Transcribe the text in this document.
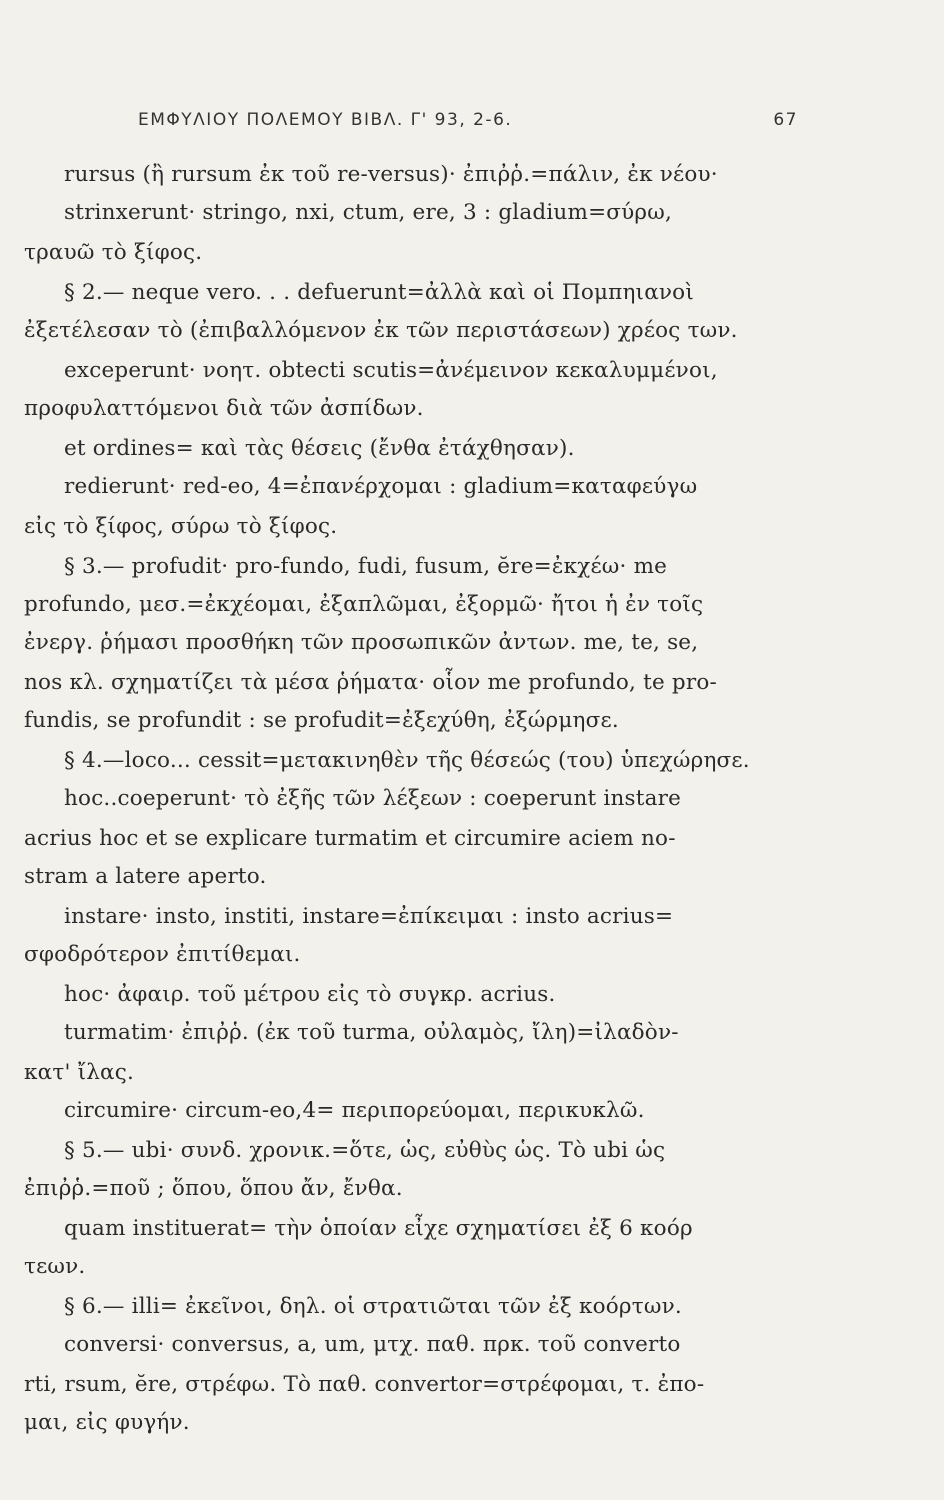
ΕΜΦΥΛΙΟΥ ΠΟΛΕΜΟΥ ΒΙΒΛ. Γ' 93, 2-6.	67
rursus (ἢ rursum ἐκ τοῦ re-versus)· ἐπιῤῥ.=πάλιν, ἐκ νέου·
strinxerunt· stringo, nxi, ctum, ere, 3 : gladium=σύρω,
τραυῶ τὸ ξίφος.
§ 2.— neque vero. . . defuerunt=ἀλλὰ καὶ οἱ Πομπηιανοὶ
ἐξετέλεσαν τὸ (ἐπιβαλλόμενον ἐκ τῶν περιστάσεων) χρέος των.
exceperunt· νοητ. obtecti scutis=ἀνέμεινον κεκαλυμμένοι,
προφυλαττόμενοι διὰ τῶν ἀσπίδων.
et ordines= καὶ τὰς θέσεις (ἔνθα ἐτάχθησαν).
redierunt· red-eo, 4=ἐπανέρχομαι : gladium=καταφεύγω
εἰς τὸ ξίφος, σύρω τὸ ξίφος.
§ 3.— profudit· pro-fundo, fudi, fusum, ĕre=ἐκχέω· me
profundo, μεσ.=ἐκχέομαι, ἐξαπλῶμαι, ἐξορμῶ· ἤτοι ἡ ἐν τοῖς
ἐνεργ. ῥήμασι προσθήκη τῶν προσωπικῶν ἀντων. me, te, se,
nos κλ. σχηματίζει τὰ μέσα ῥήματα· οἷον me profundo, te pro-
fundis, se profundit : se profudit=ἐξεχύθη, ἐξώρμησε.
§ 4.—loco... cessit=μετακινηθὲν τῆς θέσεώς (του) ὑπεχώρησε.
hoc..coeperunt· τὸ ἐξῆς τῶν λέξεων : coeperunt instare
acrius hoc et se explicare turmatim et circumire aciem no-
stram a latere aperto.
instare· insto, institi, instare=ἐπίκειμαι : insto acrius=
σφοδρότερον ἐπιτίθεμαι.
hoc· ἀφαιρ. τοῦ μέτρου εἰς τὸ συγκρ. acrius.
turmatim· ἐπιῤῥ. (ἐκ τοῦ turma, οὐλαμὸς, ἴλη)=ἰλαδὸν-
κατ' ἴλας.
circumire· circum-eo,4= περιπορεύομαι, περικυκλῶ.
§ 5.— ubi· συνδ. χρονικ.=ὅτε, ὡς, εὐθὺς ὡς. Τὸ ubi ὡς
ἐπιῤῥ.=ποῦ ; ὅπου, ὅπου ἄν, ἔνθα.
quam instituerat= τὴν ὁποίαν εἶχε σχηματίσει ἐξ 6 κοόρ
τεων.
§ 6.— illi= ἐκεῖνοι, δηλ. οἱ στρατιῶται τῶν ἐξ κοόρτων.
conversi· conversus, a, um, μτχ. παθ. πρκ. τοῦ converto
rti, rsum, ĕre, στρέφω. Τὸ παθ. convertor=στρέφομαι, τ. ἐπο-
μαι, εἰς φυγήν.
